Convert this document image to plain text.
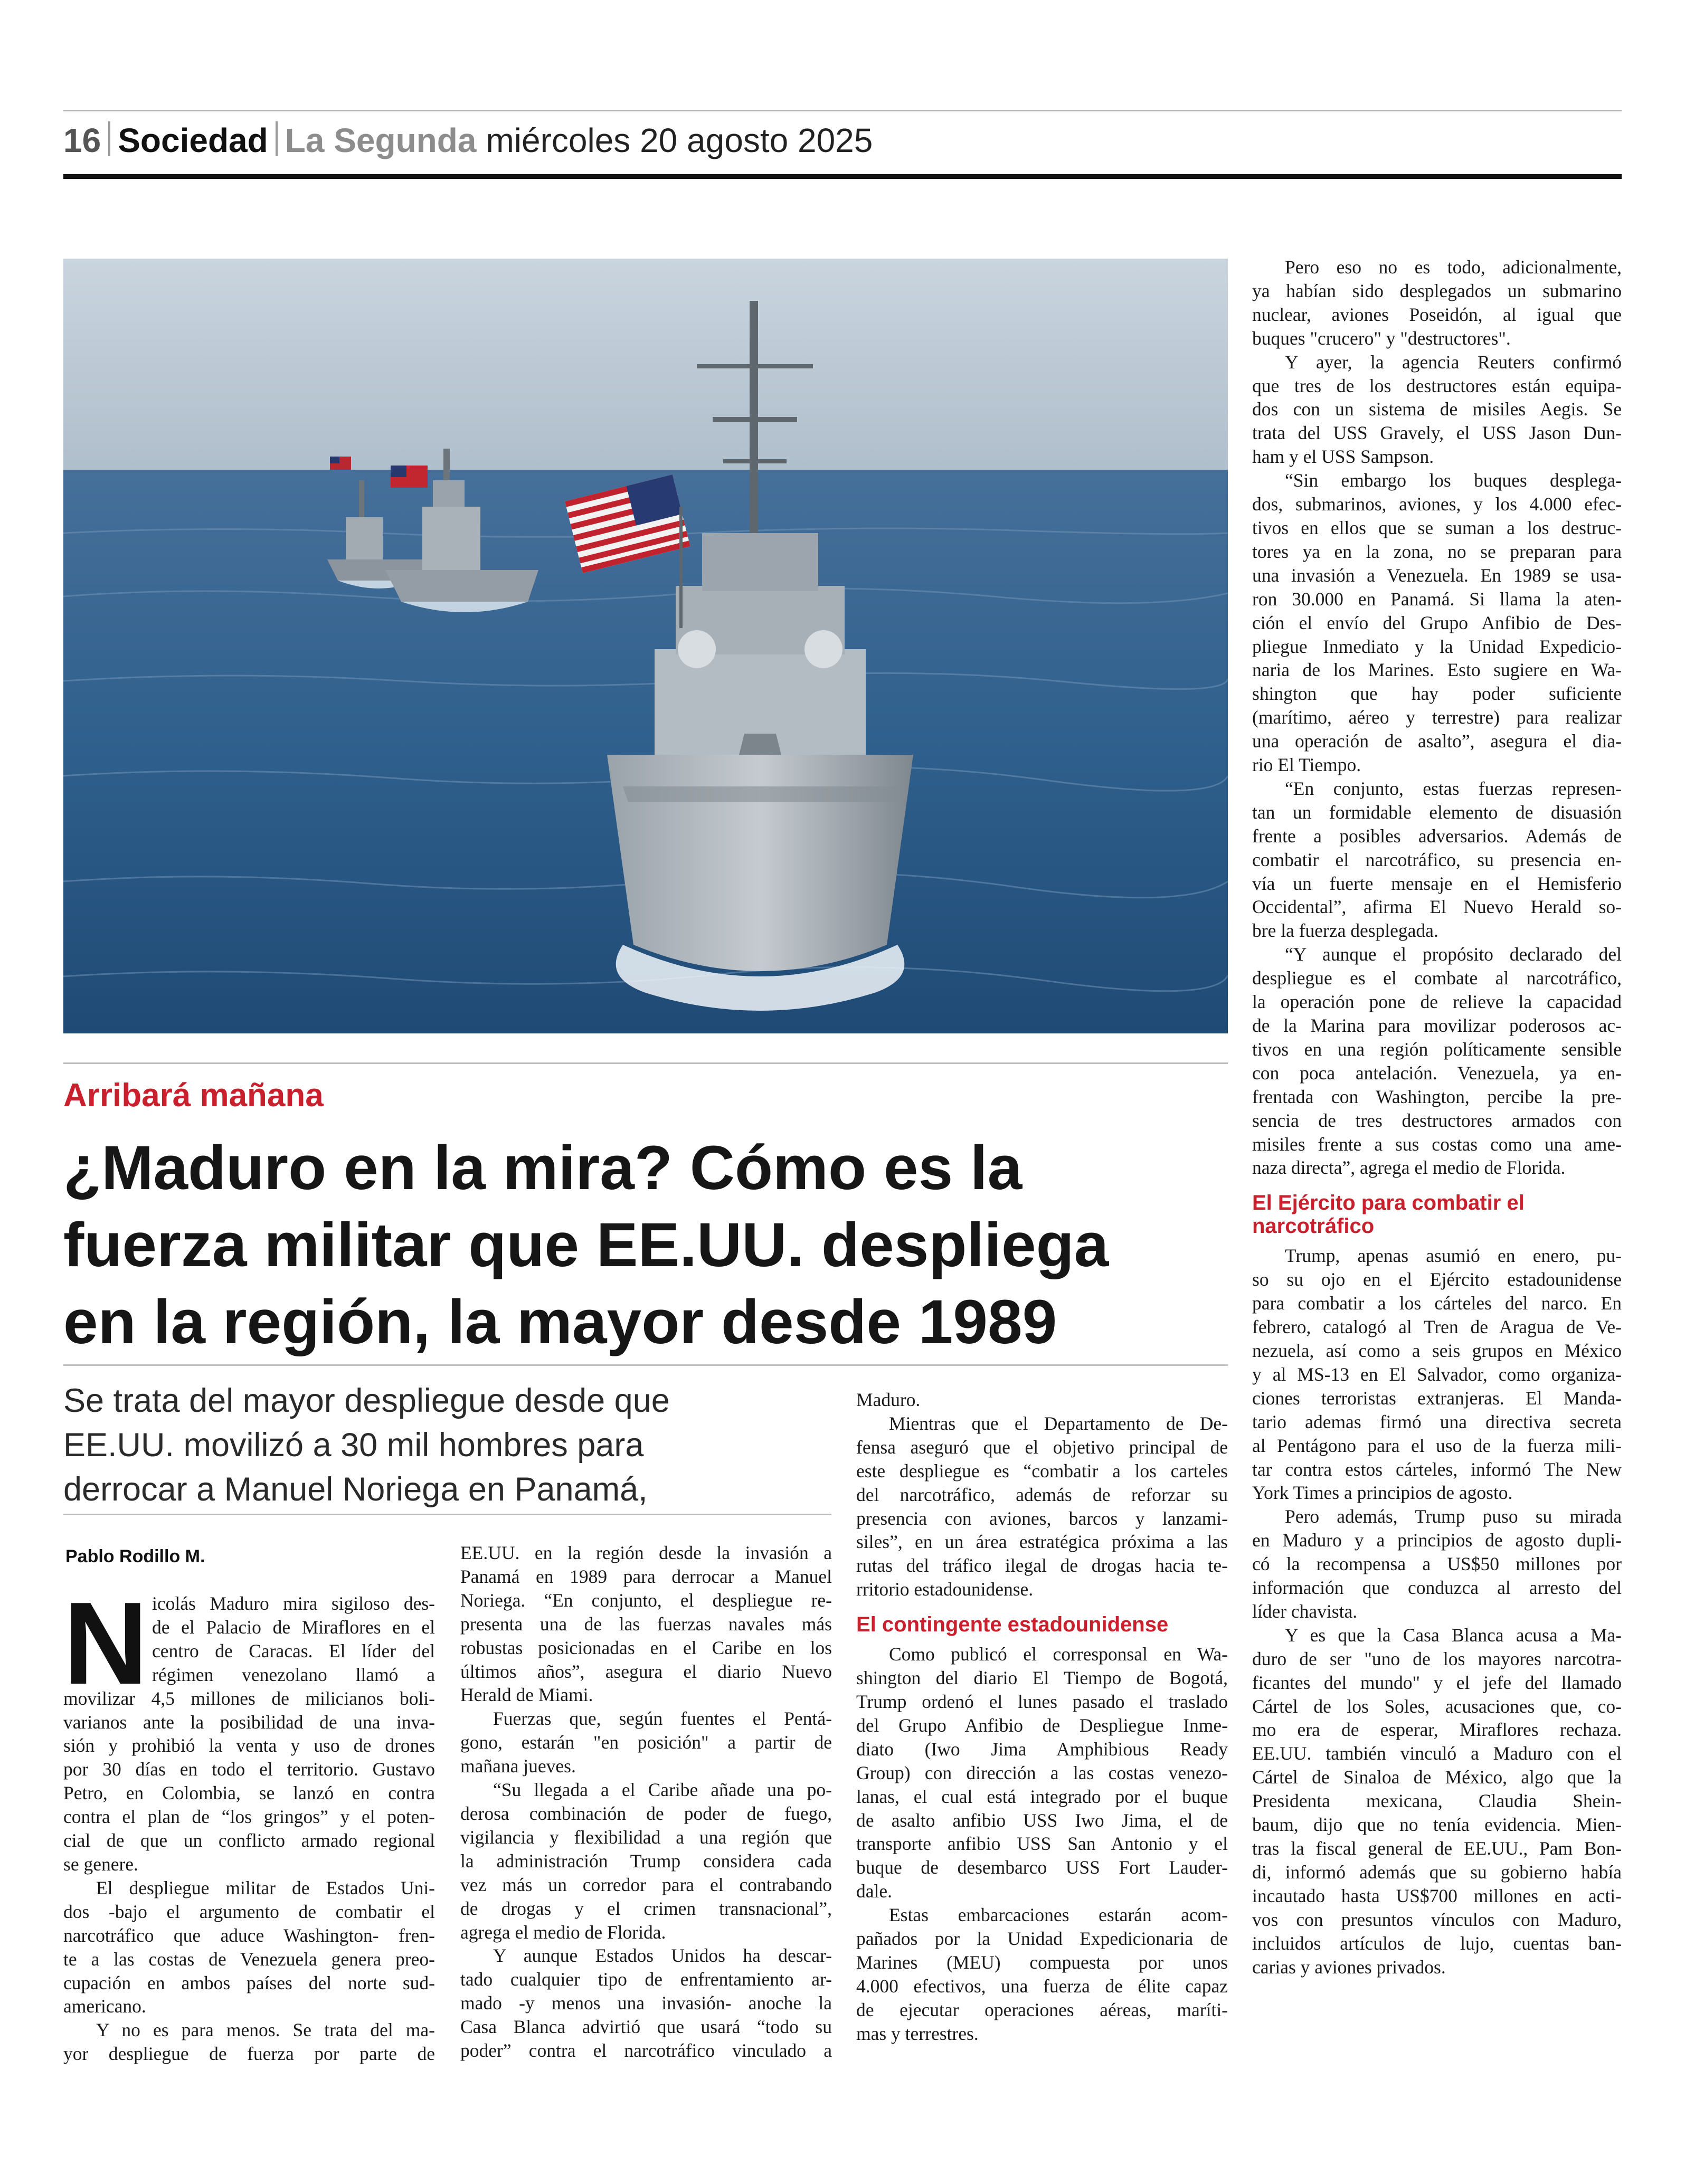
16 Sociedad La Segunda miércoles 20 agosto 2025
Arribará mañana
¿Maduro en la mira? Cómo es la
fuerza militar que EE.UU. despliega
en la región, la mayor desde 1989
Se trata del mayor despliegue desde que
EE.UU. movilizó a 30 mil hombres para
derrocar a Manuel Noriega en Panamá,
Pablo Rodillo M.
N icolás Maduro mira sigiloso des-

de el Palacio de Miraflores en el

centro de Caracas. El líder del

régimen venezolano llamó a

movilizar 4,5 millones de milicianos boli-

varianos ante la posibilidad de una inva-

sión y prohibió la venta y uso de drones

por 30 días en todo el territorio. Gustavo

Petro, en Colombia, se lanzó en contra

contra el plan de “los gringos” y el poten-

cial de que un conflicto armado regional

se genere.

El despliegue militar de Estados Uni-

dos -bajo el argumento de combatir el

narcotráfico que aduce Washington- fren-

te a las costas de Venezuela genera preo-

cupación en ambos países del norte sud-

americano.

Y no es para menos. Se trata del ma-

yor despliegue de fuerza por parte de

EE.UU. en la región desde la invasión a

Panamá en 1989 para derrocar a Manuel

Noriega. “En conjunto, el despliegue re-

presenta una de las fuerzas navales más

robustas posicionadas en el Caribe en los

últimos años”, asegura el diario Nuevo

Herald de Miami.

Fuerzas que, según fuentes el Pentá-

gono, estarán "en posición" a partir de

mañana jueves.

“Su llegada a el Caribe añade una po-

derosa combinación de poder de fuego,

vigilancia y flexibilidad a una región que

la administración Trump considera cada

vez más un corredor para el contrabando

de drogas y el crimen transnacional”,

agrega el medio de Florida.

Y aunque Estados Unidos ha descar-

tado cualquier tipo de enfrentamiento ar-

mado -y menos una invasión- anoche la

Casa Blanca advirtió que usará “todo su

poder” contra el narcotráfico vinculado a

Maduro.

Mientras que el Departamento de De-

fensa aseguró que el objetivo principal de

este despliegue es “combatir a los carteles

del narcotráfico, además de reforzar su

presencia con aviones, barcos y lanzami-

siles”, en un área estratégica próxima a las

rutas del tráfico ilegal de drogas hacia te-

rritorio estadounidense.

El contingente estadounidense

Como publicó el corresponsal en Wa-

shington del diario El Tiempo de Bogotá,

Trump ordenó el lunes pasado el traslado

del Grupo Anfibio de Despliegue Inme-

diato (Iwo Jima Amphibious Ready

Group) con dirección a las costas venezo-

lanas, el cual está integrado por el buque

de asalto anfibio USS Iwo Jima, el de

transporte anfibio USS San Antonio y el

buque de desembarco USS Fort Lauder-

dale.

Estas embarcaciones estarán acom-

pañados por la Unidad Expedicionaria de

Marines (MEU) compuesta por unos

4.000 efectivos, una fuerza de élite capaz

de ejecutar operaciones aéreas, maríti-

mas y terrestres.

Pero eso no es todo, adicionalmente,

ya habían sido desplegados un submarino

nuclear, aviones Poseidón, al igual que

buques "crucero" y "destructores".

Y ayer, la agencia Reuters confirmó

que tres de los destructores están equipa-

dos con un sistema de misiles Aegis. Se

trata del USS Gravely, el USS Jason Dun-

ham y el USS Sampson.

“Sin embargo los buques desplega-

dos, submarinos, aviones, y los 4.000 efec-

tivos en ellos que se suman a los destruc-

tores ya en la zona, no se preparan para

una invasión a Venezuela. En 1989 se usa-

ron 30.000 en Panamá. Si llama la aten-

ción el envío del Grupo Anfibio de Des-

pliegue Inmediato y la Unidad Expedicio-

naria de los Marines. Esto sugiere en Wa-

shington que hay poder suficiente

(marítimo, aéreo y terrestre) para realizar

una operación de asalto”, asegura el dia-

rio El Tiempo.

“En conjunto, estas fuerzas represen-

tan un formidable elemento de disuasión

frente a posibles adversarios. Además de

combatir el narcotráfico, su presencia en-

vía un fuerte mensaje en el Hemisferio

Occidental”, afirma El Nuevo Herald so-

bre la fuerza desplegada.

“Y aunque el propósito declarado del

despliegue es el combate al narcotráfico,

la operación pone de relieve la capacidad

de la Marina para movilizar poderosos ac-

tivos en una región políticamente sensible

con poca antelación. Venezuela, ya en-

frentada con Washington, percibe la pre-

sencia de tres destructores armados con

misiles frente a sus costas como una ame-

naza directa”, agrega el medio de Florida.

El Ejército para combatir el
narcotráfico

Trump, apenas asumió en enero, pu-

so su ojo en el Ejército estadounidense

para combatir a los cárteles del narco. En

febrero, catalogó al Tren de Aragua de Ve-

nezuela, así como a seis grupos en México

y al MS-13 en El Salvador, como organiza-

ciones terroristas extranjeras. El Manda-

tario ademas firmó una directiva secreta

al Pentágono para el uso de la fuerza mili-

tar contra estos cárteles, informó The New

York Times a principios de agosto.

Pero además, Trump puso su mirada

en Maduro y a principios de agosto dupli-

có la recompensa a US$50 millones por

información que conduzca al arresto del

líder chavista.

Y es que la Casa Blanca acusa a Ma-

duro de ser "uno de los mayores narcotra-

ficantes del mundo" y el jefe del llamado

Cártel de los Soles, acusaciones que, co-

mo era de esperar, Miraflores rechaza.

EE.UU. también vinculó a Maduro con el

Cártel de Sinaloa de México, algo que la

Presidenta mexicana, Claudia Shein-

baum, dijo que no tenía evidencia. Mien-

tras la fiscal general de EE.UU., Pam Bon-

di, informó además que su gobierno había

incautado hasta US$700 millones en acti-

vos con presuntos vínculos con Maduro,

incluidos artículos de lujo, cuentas ban-

carias y aviones privados.
